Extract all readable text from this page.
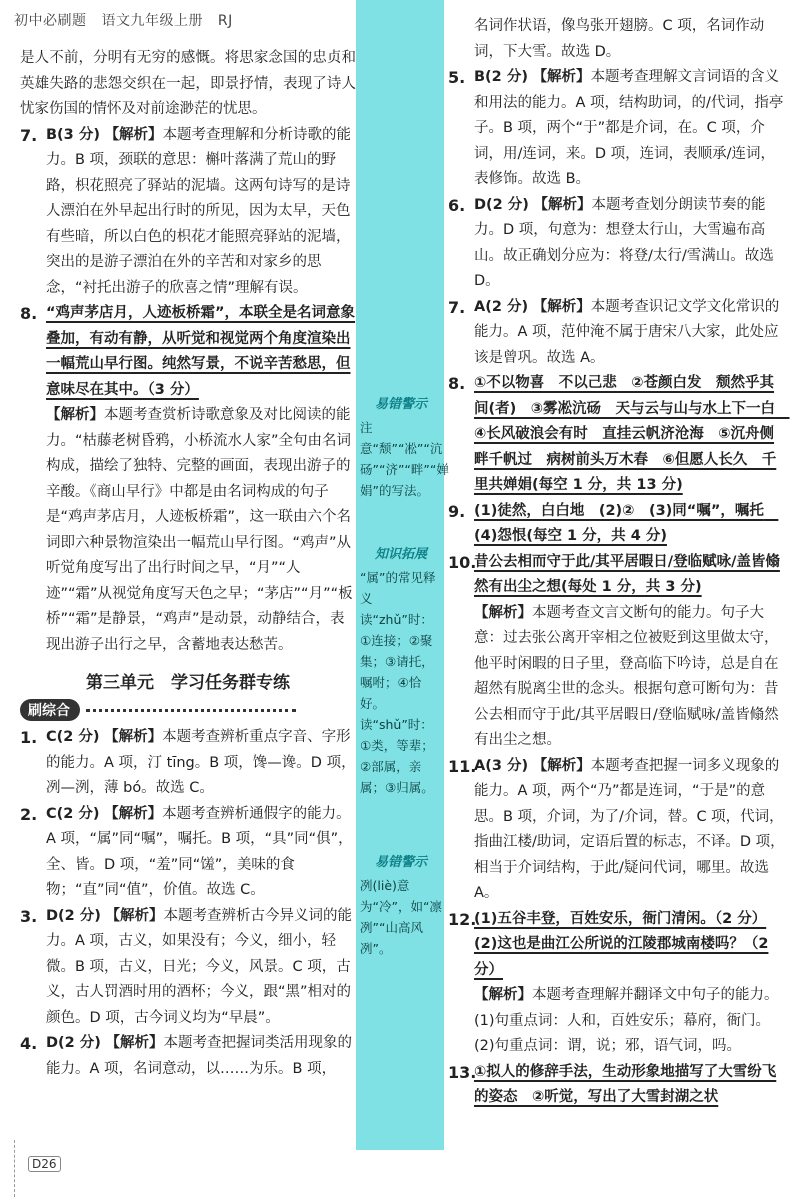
初中必刷题 语文九年级上册 RJ
易错警示
注意“颓”“凇”“沆砀”“济”“畔”“婵娟”的写法。
知识拓展
“属”的常见释义读“zhǔ”时：①连接；②聚集；③请托，嘱咐；④恰好。读“shǔ”时：①类，等辈；②部属，亲属；③归属。
易错警示
冽(liè)意为“冷”，如“凛冽”“山高风冽”。

是人不前，分明有无穷的感慨。将思家念国的忠贞和英雄失路的悲怨交织在一起，即景抒情，表现了诗人忧家伤国的情怀及对前途渺茫的忧思。

7. B(3 分) 【解析】本题考查理解和分析诗歌的能力。B 项，颈联的意思：槲叶落满了荒山的野路，枳花照亮了驿站的泥墙。这两句诗写的是诗人漂泊在外早起出行时的所见，因为太早，天色有些暗，所以白色的枳花才能照亮驿站的泥墙，突出的是游子漂泊在外的辛苦和对家乡的思念，“衬托出游子的欣喜之情”理解有误。
8. “鸡声茅店月，人迹板桥霜”，本联全是名词意象叠加，有动有静，从听觉和视觉两个角度渲染出一幅荒山早行图。纯然写景，不说辛苦愁思，但意味尽在其中。（3 分）

【解析】本题考查赏析诗歌意象及对比阅读的能力。“枯藤老树昏鸦，小桥流水人家”全句由名词构成，描绘了独特、完整的画面，表现出游子的辛酸。《商山早行》中都是由名词构成的句子是“鸡声茅店月，人迹板桥霜”，这一联由六个名词即六种景物渲染出一幅荒山早行图。“鸡声”从听觉角度写出了出行时间之早，“月”“人迹”“霜”从视觉角度写天色之早；“茅店”“月”“板桥”“霜”是静景，“鸡声”是动景，动静结合，表现出游子出行之早，含蓄地表达愁苦。

第三单元　学习任务群专练
刷综合
1. C(2 分) 【解析】本题考查辨析重点字音、字形的能力。A 项，汀 tīng。B 项，馋—谗。D 项，冽—洌，薄 bó。故选 C。
2. C(2 分) 【解析】本题考查辨析通假字的能力。A 项，“属”同“嘱”，嘱托。B 项，“具”同“俱”，全、皆。D 项，“羞”同“馐”，美味的食物；“直”同“值”，价值。故选 C。
3. D(2 分) 【解析】本题考查辨析古今异义词的能力。A 项，古义，如果没有；今义，细小，轻微。B 项，古义，日光；今义，风景。C 项，古义，古人罚酒时用的酒杯；今义，跟“黑”相对的颜色。D 项，古今词义均为“早晨”。
4. D(2 分) 【解析】本题考查把握词类活用现象的能力。A 项，名词意动，以……为乐。B 项，

名词作状语，像鸟张开翅膀。C 项，名词作动词，下大雪。故选 D。

5. B(2 分) 【解析】本题考查理解文言词语的含义和用法的能力。A 项，结构助词，的/代词，指亭子。B 项，两个“于”都是介词，在。C 项，介词，用/连词，来。D 项，连词，表顺承/连词，表修饰。故选 B。
6. D(2 分) 【解析】本题考查划分朗读节奏的能力。D 项，句意为：想登太行山，大雪遍布高山。故正确划分应为：将登/太行/雪满山。故选 D。
7. A(2 分) 【解析】本题考查识记文学文化常识的能力。A 项，范仲淹不属于唐宋八大家，此处应该是曾巩。故选 A。
8. ①不以物喜　不以己悲　②苍颜白发　颓然乎其间(者)　③雾凇沆砀　天与云与山与水上下一白　④长风破浪会有时　直挂云帆济沧海　⑤沉舟侧畔千帆过　病树前头万木春　⑥但愿人长久　千里共婵娟(每空 1 分，共 13 分)
9. (1)徒然，白白地　(2)②　(3)同“嘱”，嘱托　(4)怨恨(每空 1 分，共 4 分)
10.
昔公去相而守于此/其平居暇日/登临赋咏/盖皆翛然有出尘之想(每处 1 分，共 3 分)

【解析】本题考查文言文断句的能力。句子大意：过去张公离开宰相之位被贬到这里做太守，他平时闲暇的日子里，登高临下吟诗，总是自在超然有脱离尘世的念头。根据句意可断句为：昔公去相而守于此/其平居暇日/登临赋咏/盖皆翛然有出尘之想。

11.
A(3 分) 【解析】本题考查把握一词多义现象的能力。A 项，两个“乃”都是连词，“于是”的意思。B 项，介词，为了/介词，替。C 项，代词，指曲江楼/助词，定语后置的标志，不译。D 项，相当于介词结构，于此/疑问代词，哪里。故选 A。
12.
(1)五谷丰登，百姓安乐，衙门清闲。（2 分）
(2)这也是曲江公所说的江陵郡城南楼吗？（2 分）

【解析】本题考查理解并翻译文中句子的能力。(1)句重点词：人和，百姓安乐；幕府，衙门。(2)句重点词：谓，说；邪，语气词，吗。

13.
①拟人的修辞手法，生动形象地描写了大雪纷飞的姿态　②听觉，写出了大雪封湖之状
D26
